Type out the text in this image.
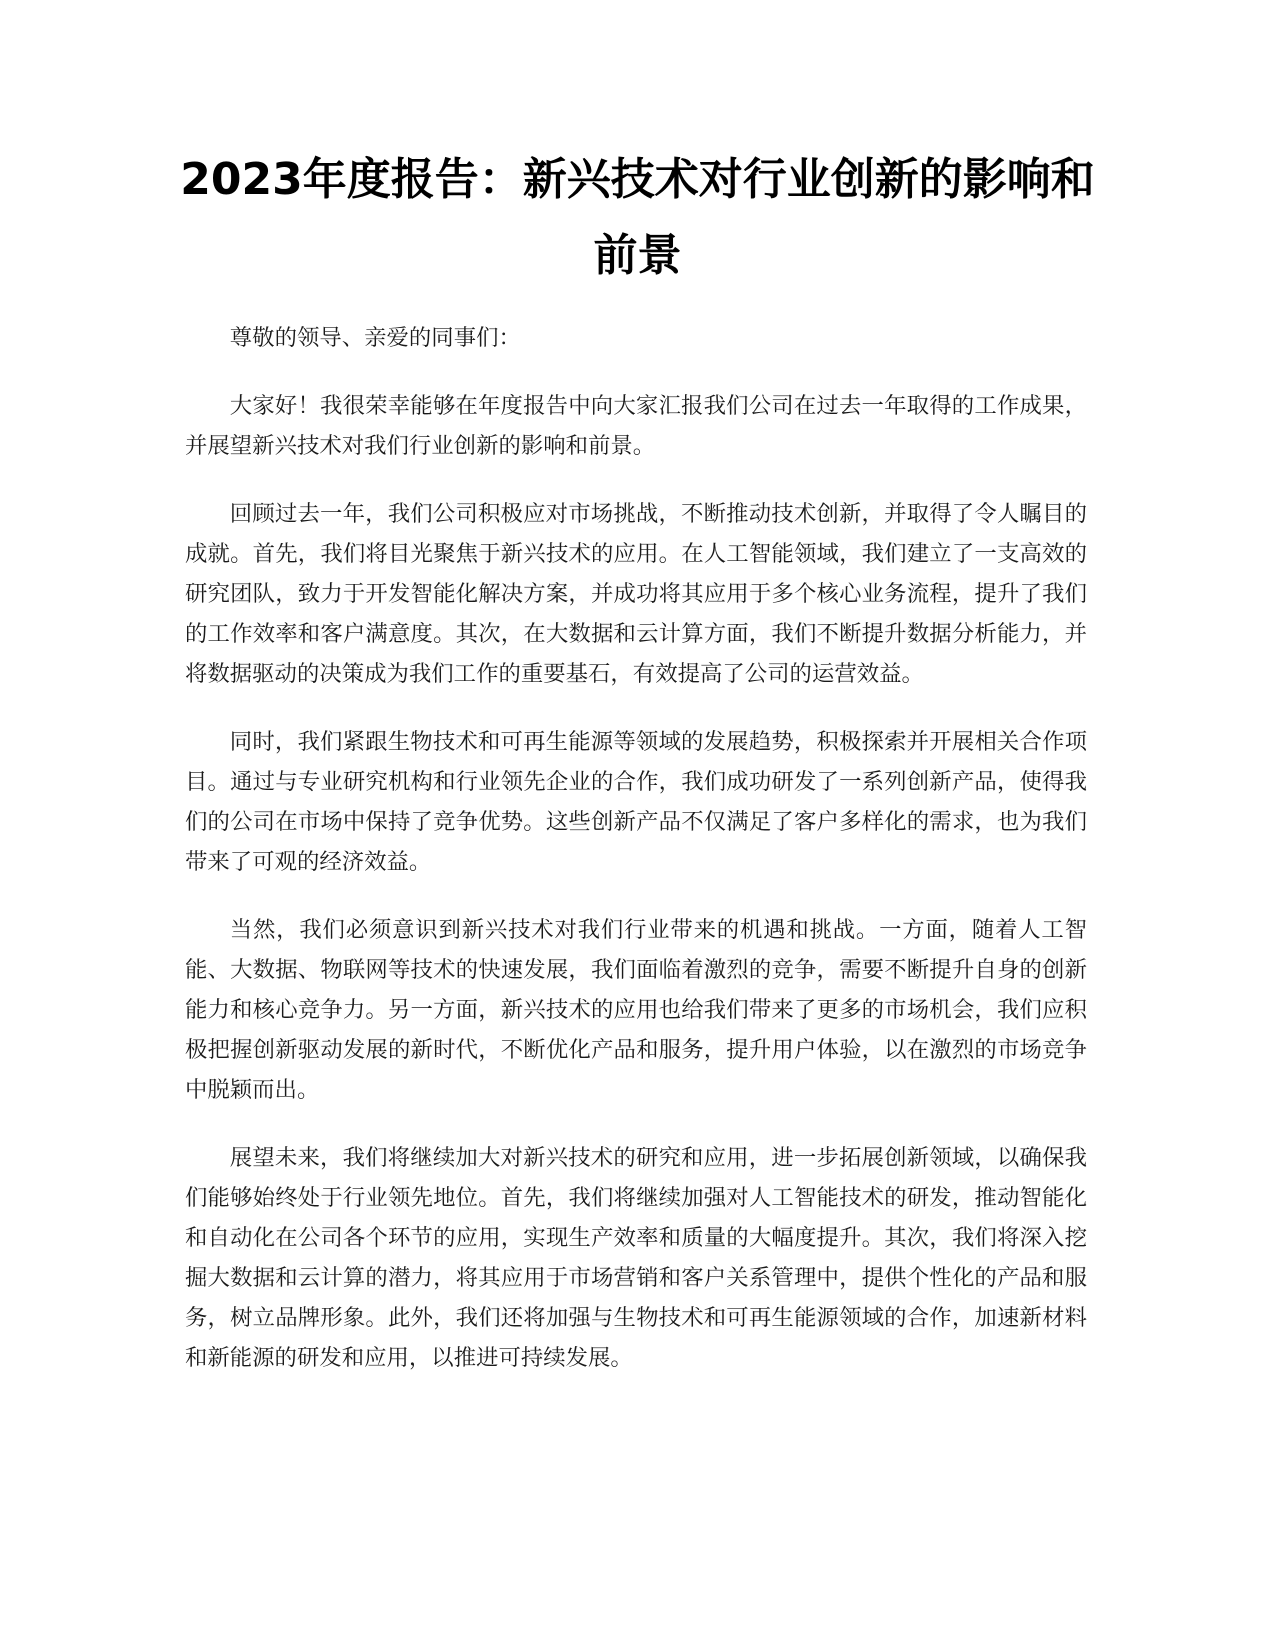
2023年度报告：新兴技术对行业创新的影响和前景

尊敬的领导、亲爱的同事们：

大家好！我很荣幸能够在年度报告中向大家汇报我们公司在过去一年取得的工作成果，并展望新兴技术对我们行业创新的影响和前景。

回顾过去一年，我们公司积极应对市场挑战，不断推动技术创新，并取得了令人瞩目的成就。首先，我们将目光聚焦于新兴技术的应用。在人工智能领域，我们建立了一支高效的研究团队，致力于开发智能化解决方案，并成功将其应用于多个核心业务流程，提升了我们的工作效率和客户满意度。其次，在大数据和云计算方面，我们不断提升数据分析能力，并将数据驱动的决策成为我们工作的重要基石，有效提高了公司的运营效益。

同时，我们紧跟生物技术和可再生能源等领域的发展趋势，积极探索并开展相关合作项目。通过与专业研究机构和行业领先企业的合作，我们成功研发了一系列创新产品，使得我们的公司在市场中保持了竞争优势。这些创新产品不仅满足了客户多样化的需求，也为我们带来了可观的经济效益。

当然，我们必须意识到新兴技术对我们行业带来的机遇和挑战。一方面，随着人工智能、大数据、物联网等技术的快速发展，我们面临着激烈的竞争，需要不断提升自身的创新能力和核心竞争力。另一方面，新兴技术的应用也给我们带来了更多的市场机会，我们应积极把握创新驱动发展的新时代，不断优化产品和服务，提升用户体验，以在激烈的市场竞争中脱颖而出。

展望未来，我们将继续加大对新兴技术的研究和应用，进一步拓展创新领域，以确保我们能够始终处于行业领先地位。首先，我们将继续加强对人工智能技术的研发，推动智能化和自动化在公司各个环节的应用，实现生产效率和质量的大幅度提升。其次，我们将深入挖掘大数据和云计算的潜力，将其应用于市场营销和客户关系管理中，提供个性化的产品和服务，树立品牌形象。此外，我们还将加强与生物技术和可再生能源领域的合作，加速新材料和新能源的研发和应用，以推进可持续发展。
